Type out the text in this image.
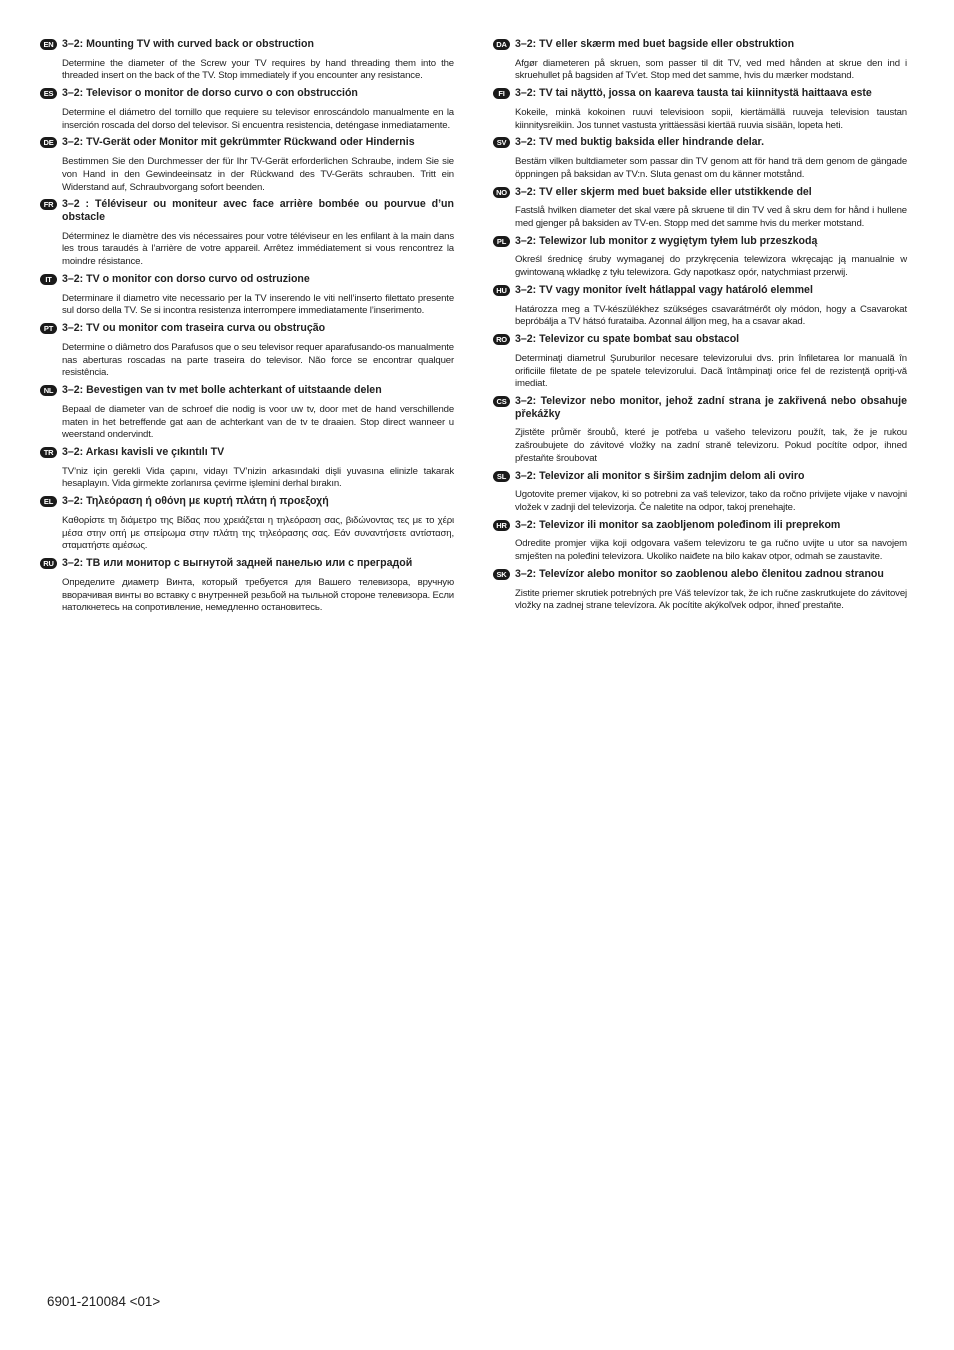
EN 3–2: Mounting TV with curved back or obstruction
Determine the diameter of the Screw your TV requires by hand threading them into the threaded insert on the back of the TV. Stop immediately if you encounter any resistance.
ES 3–2: Televisor o monitor de dorso curvo o con obstrucción
Determine el diámetro del tornillo que requiere su televisor enroscándolo manualmente en la inserción roscada del dorso del televisor. Si encuentra resistencia, deténgase inmediatamente.
DE 3–2: TV-Gerät oder Monitor mit gekrümmter Rückwand oder Hindernis
Bestimmen Sie den Durchmesser der für Ihr TV-Gerät erforderlichen Schraube, indem Sie sie von Hand in den Gewindeeinsatz in der Rückwand des TV-Geräts schrauben. Tritt ein Widerstand auf, Schraubvorgang sofort beenden.
FR 3–2 : Téléviseur ou moniteur avec face arrière bombée ou pourvue d’un obstacle
Déterminez le diamètre des vis nécessaires pour votre téléviseur en les enfilant à la main dans les trous taraudés à l’arrière de votre appareil. Arrêtez immédiatement si vous rencontrez la moindre résistance.
IT 3–2: TV o monitor con dorso curvo od ostruzione
Determinare il diametro vite necessario per la TV inserendo le viti nell’inserto filettato presente sul dorso della TV. Se si incontra resistenza interrompere immediatamente l’inserimento.
PT 3–2: TV ou monitor com traseira curva ou obstrução
Determine o diâmetro dos Parafusos que o seu televisor requer aparafusando-os manualmente nas aberturas roscadas na parte traseira do televisor. Não force se encontrar qualquer resistência.
NL 3–2: Bevestigen van tv met bolle achterkant of uitstaande delen
Bepaal de diameter van de schroef die nodig is voor uw tv, door met de hand verschillende maten in het betreffende gat aan de achterkant van de tv te draaien. Stop direct wanneer u weerstand ondervindt.
TR 3–2: Arkası kavisli ve çıkıntılı TV
TV’niz için gerekli Vida çapını, vidayı TV’nizin arkasındaki dişli yuvasına elinizle takarak hesaplayın. Vida girmekte zorlanırsa çevirme işlemini derhal bırakın.
EL 3–2: Τηλεόραση ή οθόνη με κυρτή πλάτη ή προεξοχή
Καθορίστε τη διάμετρο της Βίδας που χρειάζεται η τηλεόραση σας, βιδώνοντας τες με το χέρι μέσα στην οπή με σπείρωμα στην πλάτη της τηλεόρασης σας. Εάν συναντήσετε αντίσταση, σταματήστε αμέσως.
RU 3–2: ТВ или монитор с выгнутой задней панелью или с преградой
Определите диаметр Винта, который требуется для Вашего телевизора, вручную вворачивая винты во вставку с внутренней резьбой на тыльной стороне телевизора. Если натолкнетесь на сопротивление, немедленно остановитесь.
DA 3–2: TV eller skærm med buet bagside eller obstruktion
Afgør diameteren på skruen, som passer til dit TV, ved med hånden at skrue den ind i skruehullet på bagsiden af Tv’et. Stop med det samme, hvis du mærker modstand.
FI 3–2: TV tai näyttö, jossa on kaareva tausta tai kiinnitystä haittaava este
Kokeile, minkä kokoinen ruuvi televisioon sopii, kiertämällä ruuveja television taustan kiinnitysreikiin. Jos tunnet vastusta yrittäessäsi kiertää ruuvia sisään, lopeta heti.
SV 3–2: TV med buktig baksida eller hindrande delar.
Bestäm vilken bultdiameter som passar din TV genom att för hand trä dem genom de gängade öppningen på baksidan av TV:n. Sluta genast om du känner motstånd.
NO 3–2: TV eller skjerm med buet bakside eller utstikkende del
Fastslå hvilken diameter det skal være på skruene til din TV ved å skru dem for hånd i hullene med gjenger på baksiden av TV-en. Stopp med det samme hvis du merker motstand.
PL 3–2: Telewizor lub monitor z wygiętym tyłem lub przeszkodą
Określ średnicę śruby wymaganej do przykręcenia telewizora wkręcając ją manualnie w gwintowaną wkładkę z tyłu telewizora. Gdy napotkasz opór, natychmiast przerwij.
HU 3–2: TV vagy monitor ívelt hátlappal vagy határoló elemmel
Határozza meg a TV-készülékhez szükséges csavarátmérőt oly módon, hogy a Csavarokat bepróbálja a TV hátsó furataiba. Azonnal álljon meg, ha a csavar akad.
RO 3–2: Televizor cu spate bombat sau obstacol
Determinaţi diametrul Şuruburilor necesare televizorului dvs. prin înfiletarea lor manuală în orificiile filetate de pe spatele televizorului. Dacă întâmpinaţi orice fel de rezistenţă opriţi-vă imediat.
CS 3–2: Televizor nebo monitor, jehož zadní strana je zakřivená nebo obsahuje překážky
Zjistěte průměr šroubů, které je potřeba u vašeho televizoru použít, tak, že je rukou zašroubujete do závitové vložky na zadní straně televizoru. Pokud pocítíte odpor, ihned přestaňte šroubovat
SL 3–2: Televizor ali monitor s širšim zadnjim delom ali oviro
Ugotovite premer vijakov, ki so potrebni za vaš televizor, tako da ročno privijete vijake v navojni vložek v zadnji del televizorja. Če naletite na odpor, takoj prenehajte.
HR 3–2: Televizor ili monitor sa zaobljenom poleđinom ili preprekom
Odredite promjer vijka koji odgovara vašem televizoru te ga ručno uvijte u utor sa navojem smješten na poleđini televizora. Ukoliko naiđete na bilo kakav otpor, odmah se zaustavite.
SK 3–2: Televízor alebo monitor so zaoblenou alebo členitou zadnou stranou
Zistite priemer skrutiek potrebných pre Váš televízor tak, že ich ručne zaskrutkujete do závitovej vložky na zadnej strane televízora. Ak pocítite akýkoľvek odpor, ihneď prestaňte.
6901-210084 <01>
